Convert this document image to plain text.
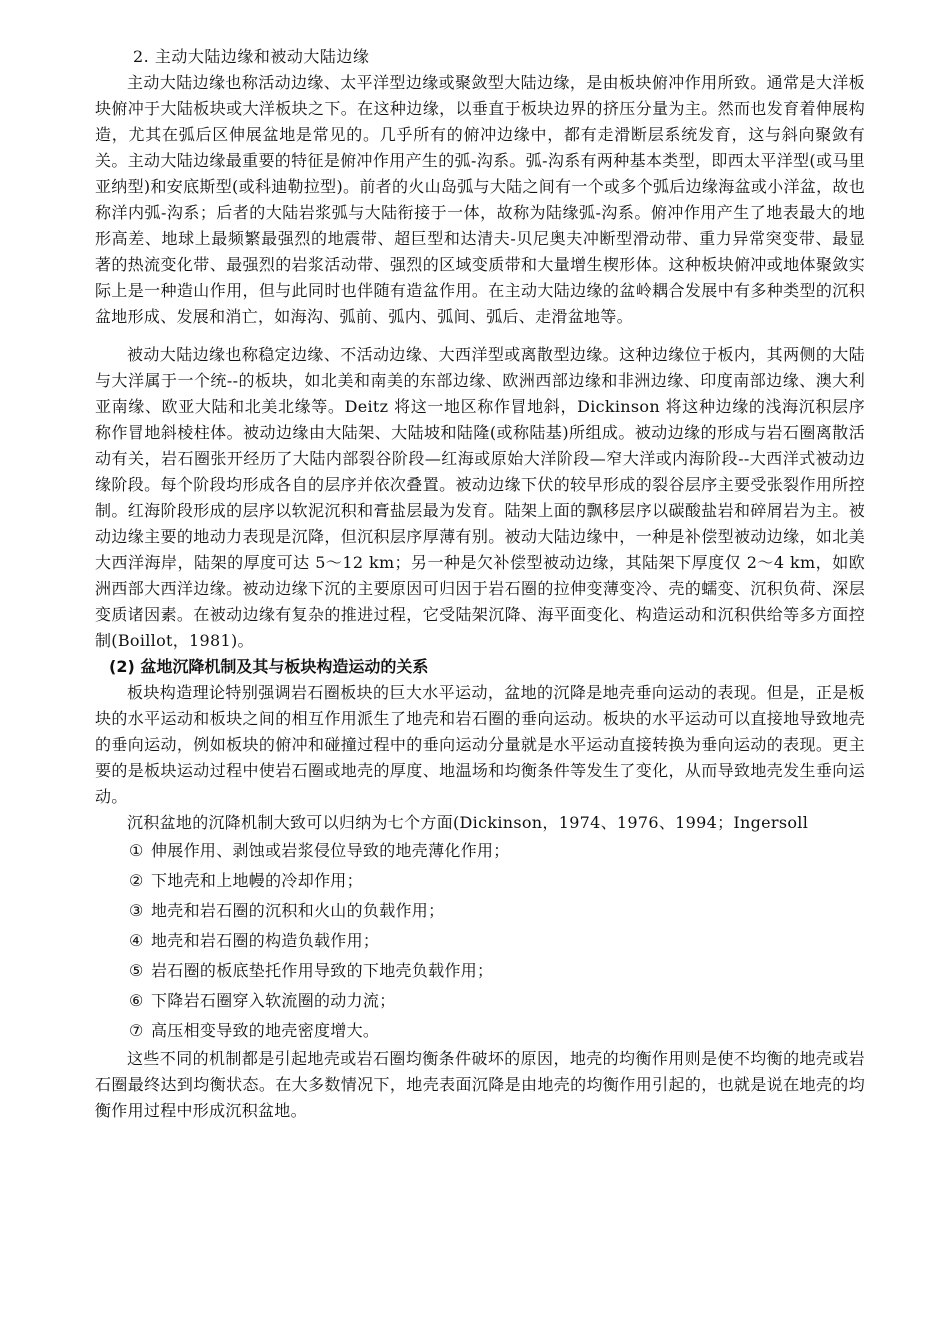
2. 主动大陆边缘和被动大陆边缘

主动大陆边缘也称活动边缘、太平洋型边缘或聚敛型大陆边缘，是由板块俯冲作用所致。通常是大洋板块俯冲于大陆板块或大洋板块之下。在这种边缘，以垂直于板块边界的挤压分量为主。然而也发育着伸展构造，尤其在弧后区伸展盆地是常见的。几乎所有的俯冲边缘中，都有走滑断层系统发育，这与斜向聚敛有关。主动大陆边缘最重要的特征是俯冲作用产生的弧-沟系。弧-沟系有两种基本类型，即西太平洋型(或马里亚纳型)和安底斯型(或科迪勒拉型)。前者的火山岛弧与大陆之间有一个或多个弧后边缘海盆或小洋盆，故也称洋内弧-沟系；后者的大陆岩浆弧与大陆衔接于一体，故称为陆缘弧-沟系。俯冲作用产生了地表最大的地形高差、地球上最频繁最强烈的地震带、超巨型和达清夫-贝尼奥夫冲断型滑动带、重力异常突变带、最显著的热流变化带、最强烈的岩浆活动带、强烈的区域变质带和大量增生楔形体。这种板块俯冲或地体聚敛实际上是一种造山作用，但与此同时也伴随有造盆作用。在主动大陆边缘的盆岭耦合发展中有多种类型的沉积盆地形成、发展和消亡，如海沟、弧前、弧内、弧间、弧后、走滑盆地等。

被动大陆边缘也称稳定边缘、不活动边缘、大西洋型或离散型边缘。这种边缘位于板内，其两侧的大陆与大洋属于一个统--的板块，如北美和南美的东部边缘、欧洲西部边缘和非洲边缘、印度南部边缘、澳大利亚南缘、欧亚大陆和北美北缘等。Deitz 将这一地区称作冒地斜，Dickinson 将这种边缘的浅海沉积层序称作冒地斜棱柱体。被动边缘由大陆架、大陆坡和陆隆(或称陆基)所组成。被动边缘的形成与岩石圈离散活动有关，岩石圈张开经历了大陆内部裂谷阶段—红海或原始大洋阶段—窄大洋或内海阶段--大西洋式被动边缘阶段。每个阶段均形成各自的层序并依次叠置。被动边缘下伏的较早形成的裂谷层序主要受张裂作用所控制。红海阶段形成的层序以软泥沉积和膏盐层最为发育。陆架上面的飘移层序以碳酸盐岩和碎屑岩为主。被动边缘主要的地动力表现是沉降，但沉积层序厚薄有别。被动大陆边缘中，一种是补偿型被动边缘，如北美大西洋海岸，陆架的厚度可达 5～12 km；另一种是欠补偿型被动边缘，其陆架下厚度仅 2～4 km，如欧洲西部大西洋边缘。被动边缘下沉的主要原因可归因于岩石圈的拉伸变薄变冷、壳的蠕变、沉积负荷、深层变质诸因素。在被动边缘有复杂的推进过程，它受陆架沉降、海平面变化、构造运动和沉积供给等多方面控制(Boillot，1981)。

(2) 盆地沉降机制及其与板块构造运动的关系

板块构造理论特别强调岩石圈板块的巨大水平运动，盆地的沉降是地壳垂向运动的表现。但是，正是板块的水平运动和板块之间的相互作用派生了地壳和岩石圈的垂向运动。板块的水平运动可以直接地导致地壳的垂向运动，例如板块的俯冲和碰撞过程中的垂向运动分量就是水平运动直接转换为垂向运动的表现。更主要的是板块运动过程中使岩石圈或地壳的厚度、地温场和均衡条件等发生了变化，从而导致地壳发生垂向运动。

沉积盆地的沉降机制大致可以归纳为七个方面(Dickinson，1974、1976、1994；Ingersoll

① 伸展作用、剥蚀或岩浆侵位导致的地壳薄化作用；
② 下地壳和上地幔的冷却作用；
③ 地壳和岩石圈的沉积和火山的负载作用；
④ 地壳和岩石圈的构造负载作用；
⑤ 岩石圈的板底垫托作用导致的下地壳负载作用；
⑥ 下降岩石圈穿入软流圈的动力流；
⑦ 高压相变导致的地壳密度增大。

这些不同的机制都是引起地壳或岩石圈均衡条件破坏的原因，地壳的均衡作用则是使不均衡的地壳或岩石圈最终达到均衡状态。在大多数情况下，地壳表面沉降是由地壳的均衡作用引起的，也就是说在地壳的均衡作用过程中形成沉积盆地。
